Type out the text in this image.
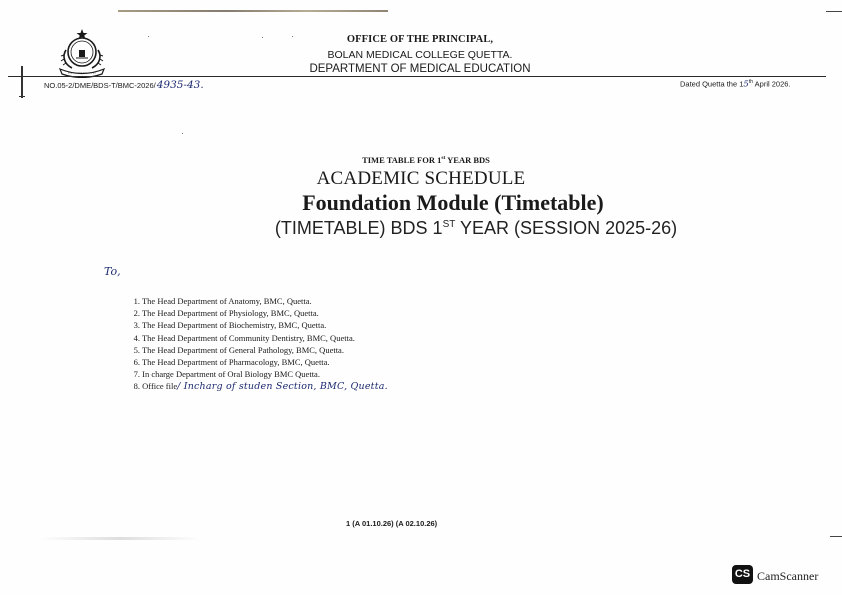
OFFICE OF THE PRINCIPAL,
BOLAN MEDICAL COLLEGE QUETTA.
DEPARTMENT OF MEDICAL EDUCATION
NO.05-2/DME/BDS-T/BMC-2026/4935-43.	Dated Quetta the 15th April 2026.
TIME TABLE FOR 1st YEAR BDS
ACADEMIC SCHEDULE
Foundation Module (Timetable)
(TIMETABLE) BDS 1ST YEAR (SESSION 2025-26)
To,
1. The Head Department of Anatomy, BMC, Quetta.
2. The Head Department of Physiology, BMC, Quetta.
3. The Head Department of Biochemistry, BMC, Quetta.
4. The Head Department of Community Dentistry, BMC, Quetta.
5. The Head Department of General Pathology, BMC, Quetta.
6. The Head Department of Pharmacology, BMC, Quetta.
7. In charge Department of Oral Biology BMC Quetta.
8. Office file/ Incharg of studen Section, BMC, Quetta.
1 (A 01.10.26) (A 02.10.26)
CS CamScanner
